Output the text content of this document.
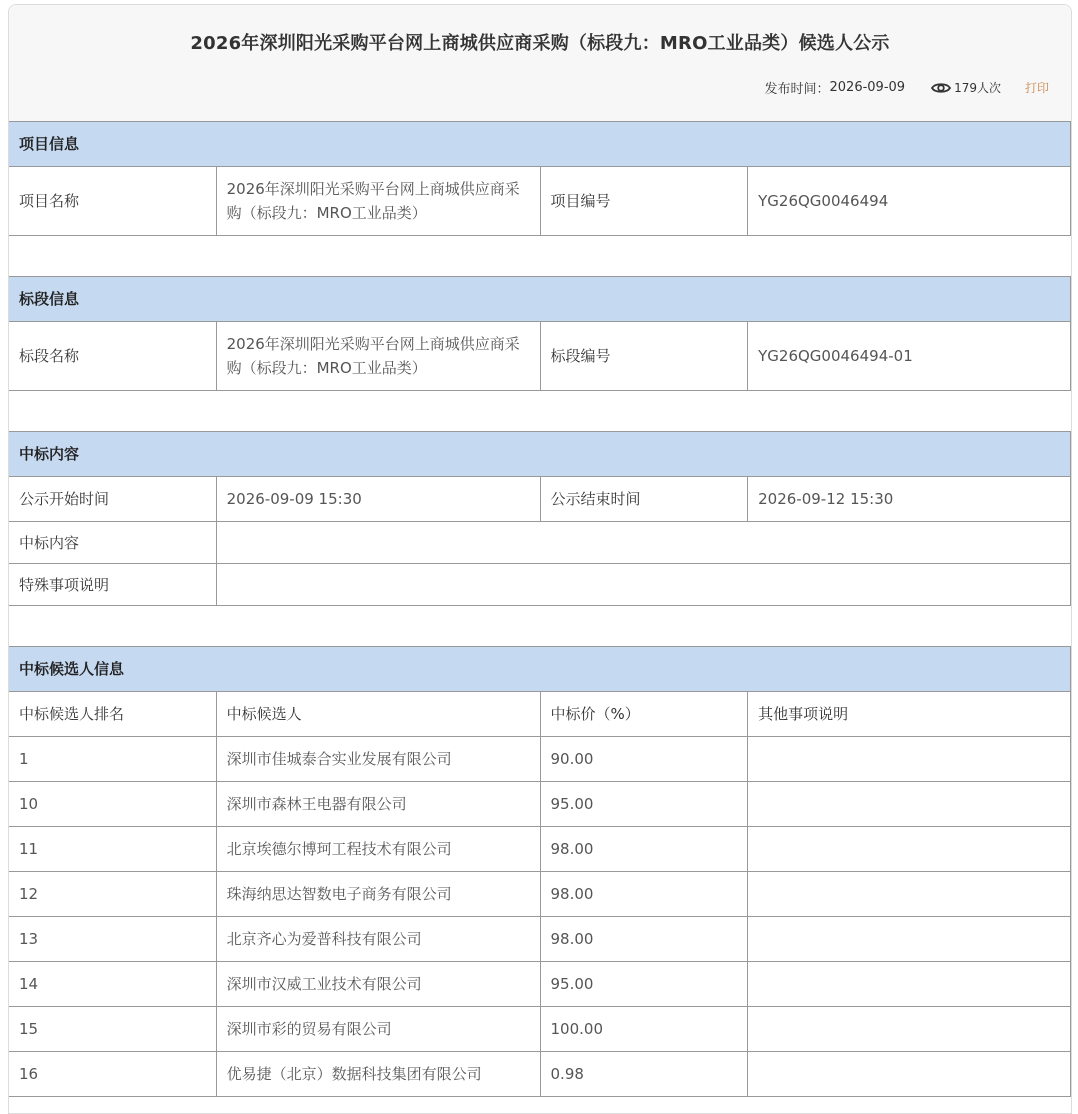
2026年深圳阳光采购平台网上商城供应商采购（标段九：MRO工业品类）候选人公示
发布时间： 2026-09-09	179人次 打印
项目信息
项目名称	2026年深圳阳光采购平台网上商城供应商采购（标段九：MRO工业品类）	项目编号	YG26QG0046494
标段信息
标段名称	2026年深圳阳光采购平台网上商城供应商采购（标段九：MRO工业品类）	标段编号	YG26QG0046494-01
中标内容			
公示开始时间	2026-09-09 15:30	公示结束时间	2026-09-12 15:30
中标内容			
特殊事项说明			
中标候选人信息			
中标候选人排名	中标候选人	中标价（%）	其他事项说明
1	深圳市佳城泰合实业发展有限公司	90.00	
10	深圳市森林王电器有限公司	95.00	
11	北京埃德尔博珂工程技术有限公司	98.00	
12	珠海纳思达智数电子商务有限公司	98.00	
13	北京齐心为爱普科技有限公司	98.00	
14	深圳市汉威工业技术有限公司	95.00	
15	深圳市彩的贸易有限公司	100.00	
16	优易捷（北京）数据科技集团有限公司	0.98	
